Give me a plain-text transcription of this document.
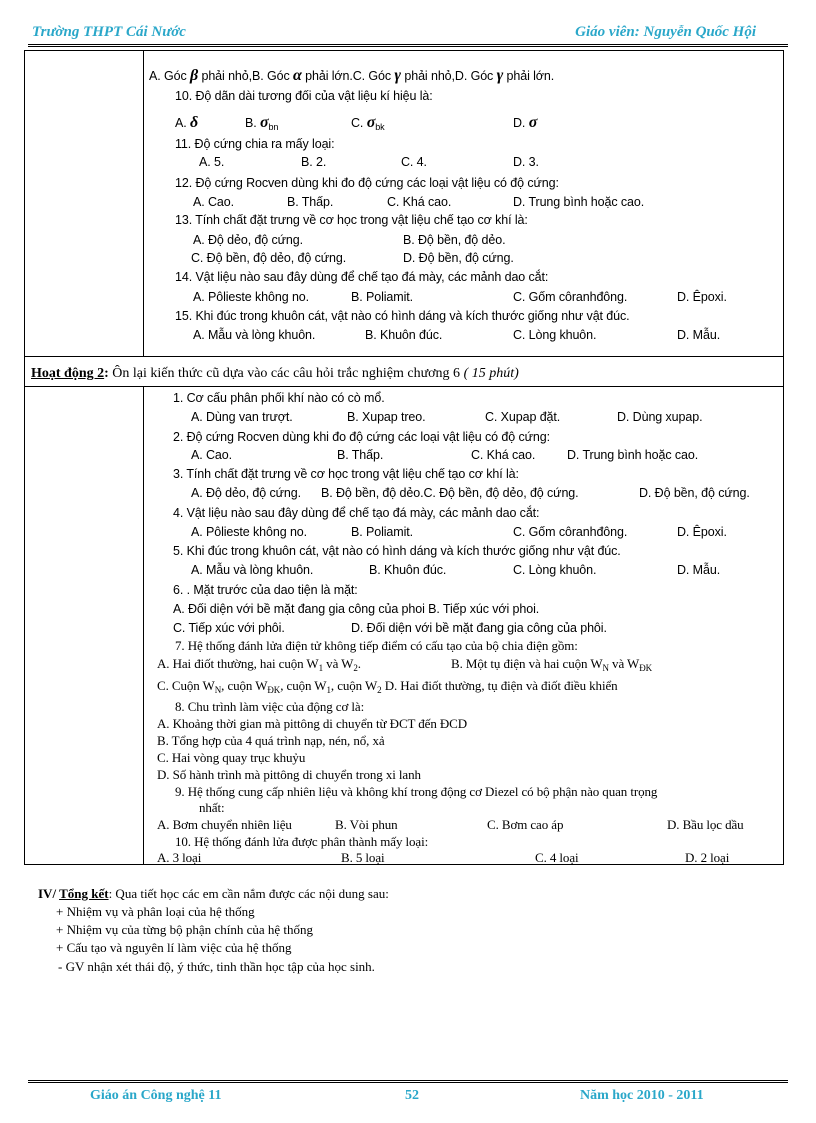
Trường THPT Cái Nước	Giáo viên: Nguyễn Quốc Hội
A. Góc β phải nhỏ,B. Góc α phải lớn.C. Góc γ phải nhỏ,D. Góc γ phải lớn.
10. Độ dãn dài tương đối của vật liệu kí hiệu là:
A. δ	B. $\sigma_{bn}$	C. $\sigma_{bk}$	D. σ
11. Độ cứng chia ra mấy loại:
A. 5.	B. 2.	C. 4.	D. 3.
12. Độ cứng Rocven dùng khi đo độ cứng các loại vật liệu có độ cứng:
A. Cao.	B. Thấp.	C. Khá cao.	D. Trung bình hoặc cao.
13. Tính chất đặt trưng về cơ học trong vật liệu chế tạo cơ khí là:
A. Độ dẻo, độ cứng.	B. Độ bền, độ dẻo.
C. Độ bền, độ dẻo, độ cứng.	D. Độ bền, độ cứng.
14. Vật liệu nào sau đây dùng để chế tạo đá mày, các mảnh dao cắt:
A. Pôlieste không no.	B. Poliamit.	C. Gốm côranhđông.	D. Êpoxi.
15. Khi đúc trong khuôn cát, vật nào có hình dáng và kích thước giống như vật đúc.
A. Mẫu và lòng khuôn.	B. Khuôn đúc.	C. Lòng khuôn.	D. Mẫu.
Hoạt động 2: Ôn lại kiến thức cũ dựa vào các câu hỏi trắc nghiệm chương 6 ( 15 phút)
1. Cơ cấu phân phối khí nào có cò mổ.
A. Dùng van trượt.	B. Xupap treo.	C. Xupap đặt.	D. Dùng xupap.
2. Độ cứng Rocven dùng khi đo độ cứng các loại vật liệu có độ cứng:
A. Cao.	B. Thấp.	C. Khá cao.	D. Trung bình hoặc cao.
3. Tính chất đặt trưng về cơ học trong vật liệu chế tạo cơ khí là:
A. Độ dẻo, độ cứng. B. Độ bền, độ dẻo.C. Độ bền, độ dẻo, độ cứng.	D. Độ bền, độ cứng.
4. Vật liệu nào sau đây dùng để chế tạo đá mày, các mảnh dao cắt:
A. Pôlieste không no.	B. Poliamit.	C. Gốm côranhđông.	D. Êpoxi.
5. Khi đúc trong khuôn cát, vật nào có hình dáng và kích thước giống như vật đúc.
A. Mẫu và lòng khuôn.	B. Khuôn đúc.	C. Lòng khuôn.	D. Mẫu.
6. . Mặt trước của dao tiện là mặt:
A. Đối diện với bề mặt đang gia công của phoi B. Tiếp xúc với phoi.
C. Tiếp xúc với phôi.	D. Đối diện với bề mặt đang gia công của phôi.
7. Hệ thống đánh lửa điện tử không tiếp điểm có cấu tạo của bộ chia điện gồm:
A. Hai điốt thường, hai cuộn $W_1$ và $W_2$.	B. Một tụ điện và hai cuộn $W_N$ và $W_{ĐK}$
C. Cuộn $W_N$, cuộn $W_{ĐK}$, cuộn $W_1$, cuộn $W_2$ D. Hai điốt thường, tụ điện và điốt điều khiển
8. Chu trình làm việc của động cơ là:
A. Khoảng thời gian mà pittông di chuyển từ ĐCT đến ĐCD
B. Tổng hợp của 4 quá trình nạp, nén, nổ, xả
C. Hai vòng quay trục khuỷu
D. Số hành trình mà pittông di chuyển trong xi lanh
9. Hệ thống cung cấp nhiên liệu và không khí trong động cơ Diezel có bộ phận nào quan trọng
nhất:
A. Bơm chuyển nhiên liệu	B. Vòi phun	C. Bơm cao áp	D. Bầu lọc dầu
10. Hệ thống đánh lửa được phân thành mấy loại:
A. 3 loại	B. 5 loại	C. 4 loại	D. 2 loại
IV/ Tổng kết: Qua tiết học các em cần nắm được các nội dung sau:
+ Nhiệm vụ và phân loại của hệ thống
+ Nhiệm vụ của từng bộ phận chính của hệ thống
+ Cấu tạo và nguyên lí làm việc của hệ thống
- GV nhận xét thái độ, ý thức, tinh thần học tập của học sinh.
Giáo án Công nghệ 11	52	Năm học 2010 - 2011
